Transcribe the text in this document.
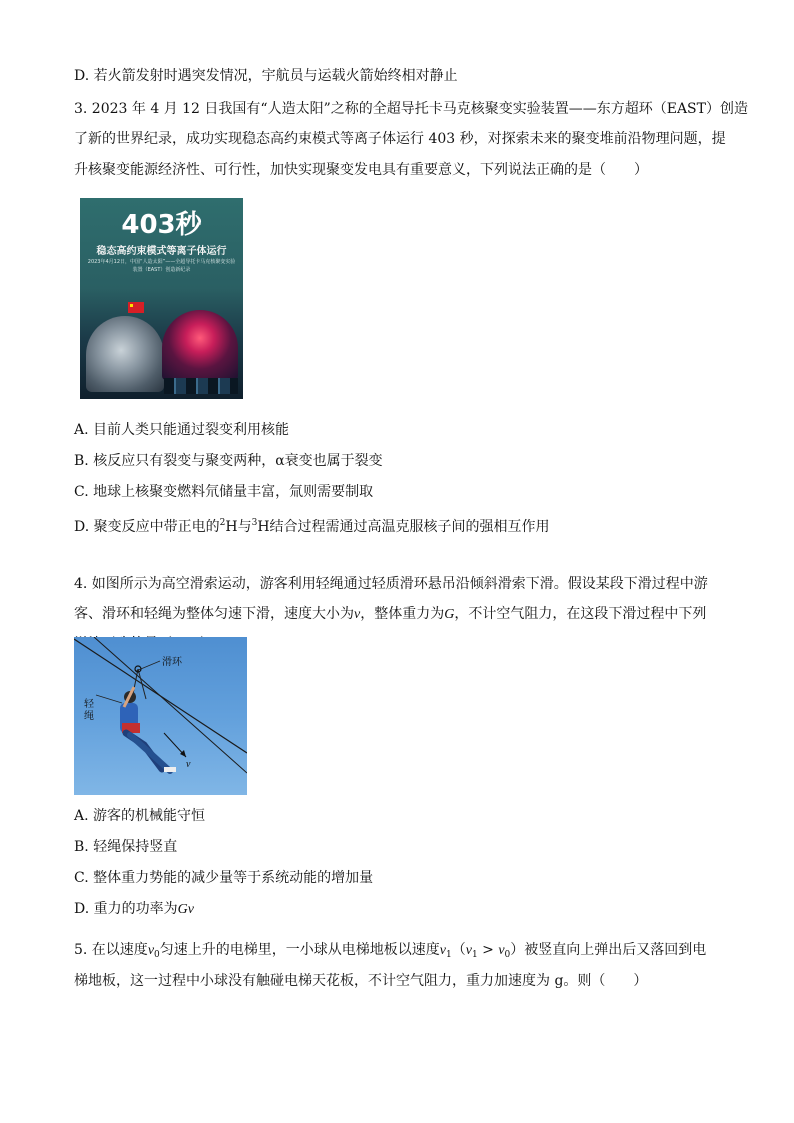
D. 若火箭发射时遇突发情况，宇航员与运载火箭始终相对静止
3. 2023 年 4 月 12 日我国有“人造太阳”之称的全超导托卡马克核聚变实验装置——东方超环（EAST）创造
了新的世界纪录，成功实现稳态高约束模式等离子体运行 403 秒，对探索未来的聚变堆前沿物理问题，提
升核聚变能源经济性、可行性，加快实现聚变发电具有重要意义，下列说法正确的是（　　）
403秒
稳态高约束模式等离子体运行
2023年4月12日，中国“人造太阳”——全超导托卡马克核聚变实验装置（EAST）创造新纪录
A. 目前人类只能通过裂变利用核能
B. 核反应只有裂变与聚变两种，α衰变也属于裂变
C. 地球上核聚变燃料氘储量丰富，氚则需要制取
D. 聚变反应中带正电的$^2$H与$^3$H结合过程需通过高温克服核子间的强相互作用
4. 如图所示为高空滑索运动，游客利用轻绳通过轻质滑环悬吊沿倾斜滑索下滑。假设某段下滑过程中游
客、滑环和轻绳为整体匀速下滑，速度大小为v，整体重力为G，不计空气阻力，在这段下滑过程中下列
滑环
轻
绳
v
A. 游客的机械能守恒
B. 轻绳保持竖直
C. 整体重力势能的减少量等于系统动能的增加量
D. 重力的功率为Gv
5. 在以速度$v_0$匀速上升的电梯里，一小球从电梯地板以速度$v_1(v_1 > v_0)$被竖直向上弹出后又落回到电
梯地板，这一过程中小球没有触碰电梯天花板，不计空气阻力，重力加速度为 g。则（　　）
